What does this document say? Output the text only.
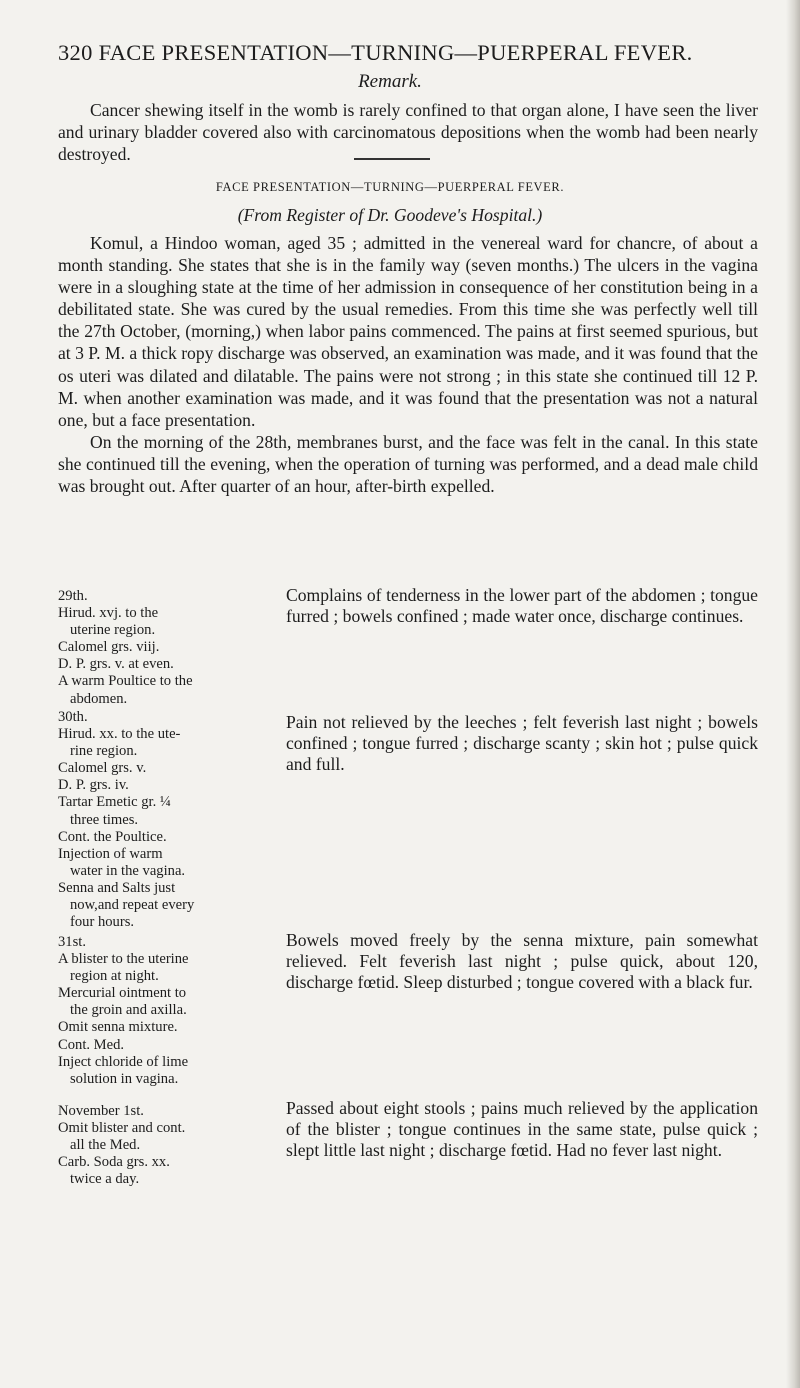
320 FACE PRESENTATION—TURNING—PUERPERAL FEVER.
Remark.

Cancer shewing itself in the womb is rarely confined to that organ alone, I have seen the liver and urinary bladder covered also with carcinomatous depositions when the womb had been nearly destroyed.

FACE PRESENTATION—TURNING—PUERPERAL FEVER.
(From Register of Dr. Goodeve's Hospital.)

Komul, a Hindoo woman, aged 35 ; admitted in the venereal ward for chancre, of about a month standing. She states that she is in the family way (seven months.) The ulcers in the vagina were in a sloughing state at the time of her admission in consequence of her constitution being in a debilitated state. She was cured by the usual remedies. From this time she was perfectly well till the 27th October, (morning,) when labor pains commenced. The pains at first seemed spurious, but at 3 P. M. a thick ropy discharge was observed, an examination was made, and it was found that the os uteri was dilated and dilatable. The pains were not strong ; in this state she continued till 12 P. M. when another examination was made, and it was found that the presentation was not a natural one, but a face presentation.

On the morning of the 28th, membranes burst, and the face was felt in the canal. In this state she continued till the evening, when the operation of turning was performed, and a dead male child was brought out. After quarter of an hour, after-birth expelled.

29th.
Hirud. xvj. to the
uterine region.
Calomel grs. viij.
D. P. grs. v. at even.
A warm Poultice to the
abdomen.
Complains of tenderness in the lower part of the abdomen ; tongue furred ; bowels confined ; made water once, discharge continues.
30th.
Hirud. xx. to the ute-
rine region.
Calomel grs. v.
D. P. grs. iv.
Tartar Emetic gr. ¼
three times.
Cont. the Poultice.
Injection of warm
water in the vagina.
Senna and Salts just
now,and repeat every
four hours.
Pain not relieved by the leeches ; felt feverish last night ; bowels confined ; tongue furred ; discharge scanty ; skin hot ; pulse quick and full.
31st.
A blister to the uterine
region at night.
Mercurial ointment to
the groin and axilla.
Omit senna mixture.
Cont. Med.
Inject chloride of lime
solution in vagina.
Bowels moved freely by the senna mixture, pain somewhat relieved. Felt feverish last night ; pulse quick, about 120, discharge fœtid. Sleep disturbed ; tongue covered with a black fur.
November 1st.
Omit blister and cont.
all the Med.
Carb. Soda grs. xx.
twice a day.
Passed about eight stools ; pains much relieved by the application of the blister ; tongue continues in the same state, pulse quick ; slept little last night ; discharge fœtid. Had no fever last night.
